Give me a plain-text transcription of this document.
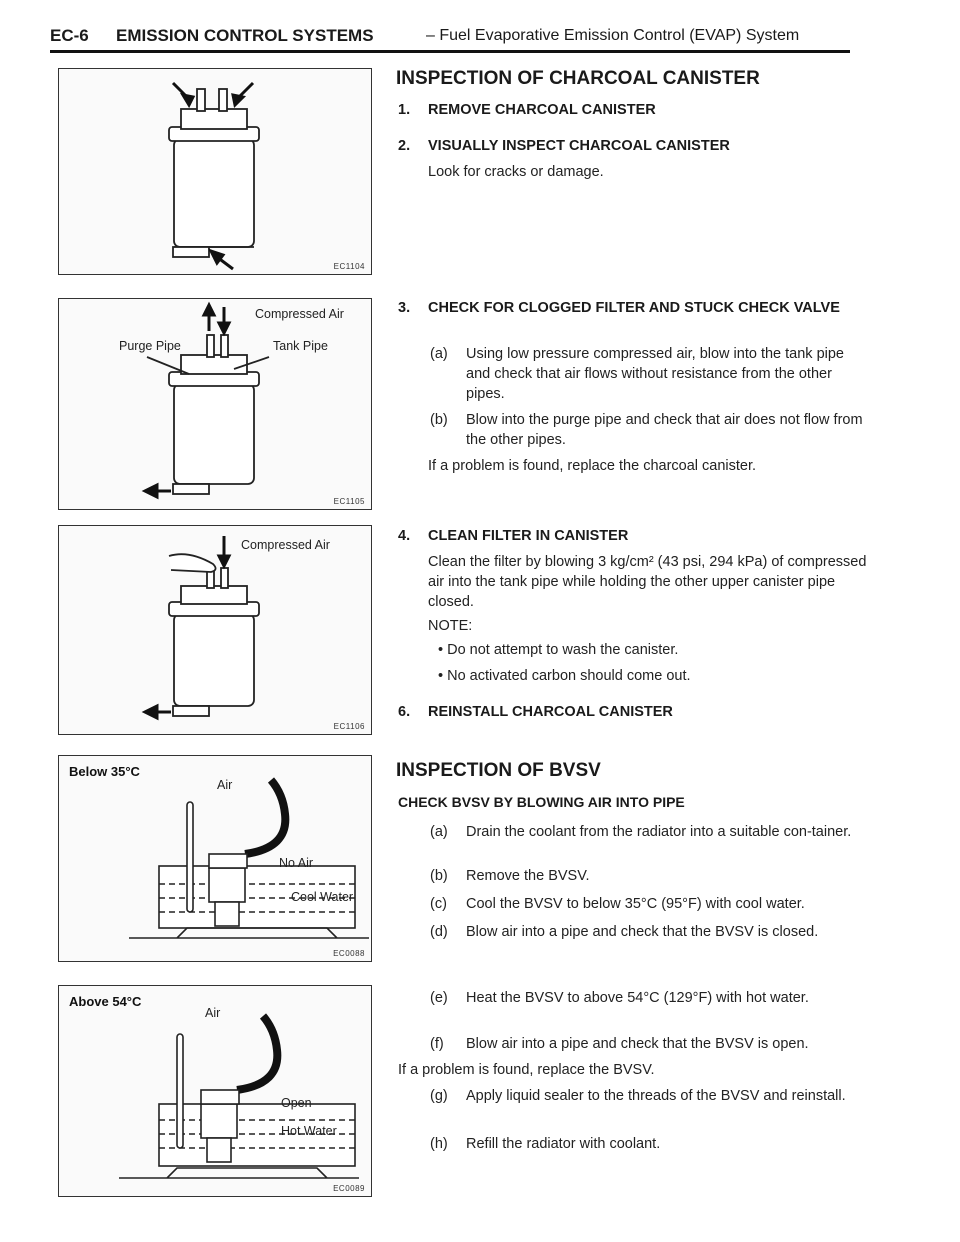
EC-6 EMISSION CONTROL SYSTEMS	– Fuel Evaporative Emission Control (EVAP) System
EC1104
Compressed Air
Purge Pipe	Tank Pipe
EC1105
Compressed Air
EC1106
Below 35°C
Air
No Air
Cool Water
EC0088
Above 54°C
Air
Open
Hot Water
EC0089
INSPECTION OF CHARCOAL CANISTER
1. REMOVE CHARCOAL CANISTER
2. VISUALLY INSPECT CHARCOAL CANISTER
Look for cracks or damage.
3. CHECK FOR CLOGGED FILTER AND STUCK CHECK VALVE
(a) Using low pressure compressed air, blow into the tank pipe and check that air flows without resistance from the other pipes.
(b) Blow into the purge pipe and check that air does not flow from the other pipes.
If a problem is found, replace the charcoal canister.
4. CLEAN FILTER IN CANISTER
Clean the filter by blowing 3 kg/cm² (43 psi, 294 kPa) of compressed air into the tank pipe while holding the other upper canister pipe closed.
NOTE:
• Do not attempt to wash the canister.
• No activated carbon should come out.
6. REINSTALL CHARCOAL CANISTER
INSPECTION OF BVSV
CHECK BVSV BY BLOWING AIR INTO PIPE
(a) Drain the coolant from the radiator into a suitable con-tainer.
(b) Remove the BVSV.
(c) Cool the BVSV to below 35°C (95°F) with cool water.
(d) Blow air into a pipe and check that the BVSV is closed.
(e) Heat the BVSV to above 54°C (129°F) with hot water.
(f) Blow air into a pipe and check that the BVSV is open.
If a problem is found, replace the BVSV.
(g) Apply liquid sealer to the threads of the BVSV and reinstall.
(h) Refill the radiator with coolant.
